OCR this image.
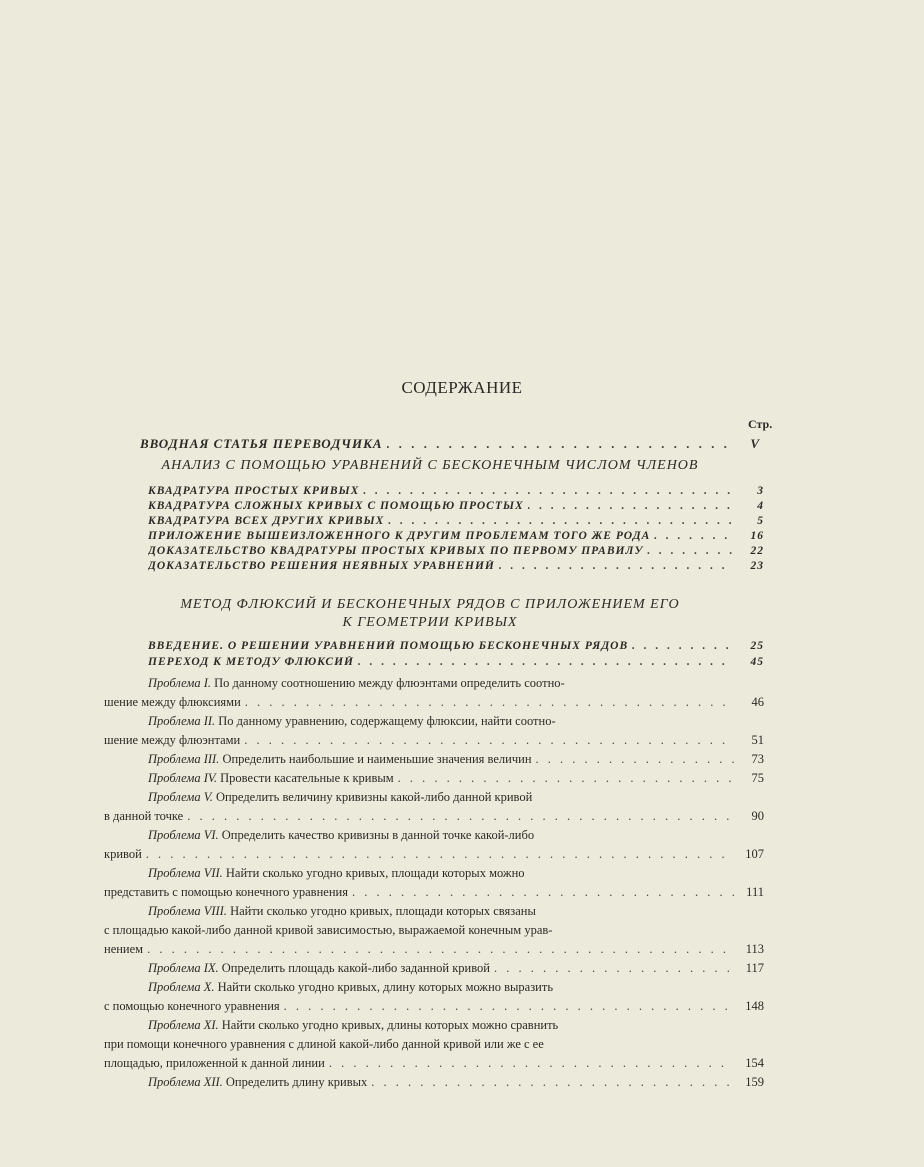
СОДЕРЖАНИЕ
Стр.
ВВОДНАЯ СТАТЬЯ ПЕРЕВОДЧИКА . . .	V
АНАЛИЗ С ПОМОЩЬЮ УРАВНЕНИЙ С БЕСКОНЕЧНЫМ ЧИСЛОМ ЧЛЕНОВ
КВАДРАТУРА ПРОСТЫХ КРИВЫХ . . .	3
КВАДРАТУРА СЛОЖНЫХ КРИВЫХ С ПОМОЩЬЮ ПРОСТЫХ . . .	4
КВАДРАТУРА ВСЕХ ДРУГИХ КРИВЫХ . . .	5
ПРИЛОЖЕНИЕ ВЫШЕИЗЛОЖЕННОГО К ДРУГИМ ПРОБЛЕМАМ ТОГО ЖЕ РОДА . . .	16
ДОКАЗАТЕЛЬСТВО КВАДРАТУРЫ ПРОСТЫХ КРИВЫХ ПО ПЕРВОМУ ПРАВИЛУ . . .	22
ДОКАЗАТЕЛЬСТВО РЕШЕНИЯ НЕЯВНЫХ УРАВНЕНИЙ . . .	23
МЕТОД ФЛЮКСИЙ И БЕСКОНЕЧНЫХ РЯДОВ С ПРИЛОЖЕНИЕМ ЕГО
К ГЕОМЕТРИИ КРИВЫХ
ВВЕДЕНИЕ. О РЕШЕНИИ УРАВНЕНИЙ ПОМОЩЬЮ БЕСКОНЕЧНЫХ РЯДОВ . . .	25
ПЕРЕХОД К МЕТОДУ ФЛЮКСИЙ . . .	45
Проблема I. По данному соотношению между флюэнтами определить соотно-
шение между флюксиями . . .	46
Проблема II. По данному уравнению, содержащему флюксии, найти соотно-
шение между флюэнтами . . .	51
Проблема III. Определить наибольшие и наименьшие значения величин . . .	73
Проблема IV. Провести касательные к кривым . . .	75
Проблема V. Определить величину кривизны какой-либо данной кривой
в данной точке . . .	90
Проблема VI. Определить качество кривизны в данной точке какой-либо
кривой . . .	107
Проблема VII. Найти сколько угодно кривых, площади которых можно
представить с помощью конечного уравнения . . .	111
Проблема VIII. Найти сколько угодно кривых, площади которых связаны
с площадью какой-либо данной кривой зависимостью, выражаемой конечным урав-
нением . . .	113
Проблема IX. Определить площадь какой-либо заданной кривой . . .	117
Проблема X. Найти сколько угодно кривых, длину которых можно выразить
с помощью конечного уравнения . . .	148
Проблема XI. Найти сколько угодно кривых, длины которых можно сравнить
при помощи конечного уравнения с длиной какой-либо данной кривой или же с ее
площадью, приложенной к данной линии . . .	154
Проблема XII. Определить длину кривых . . .	159
